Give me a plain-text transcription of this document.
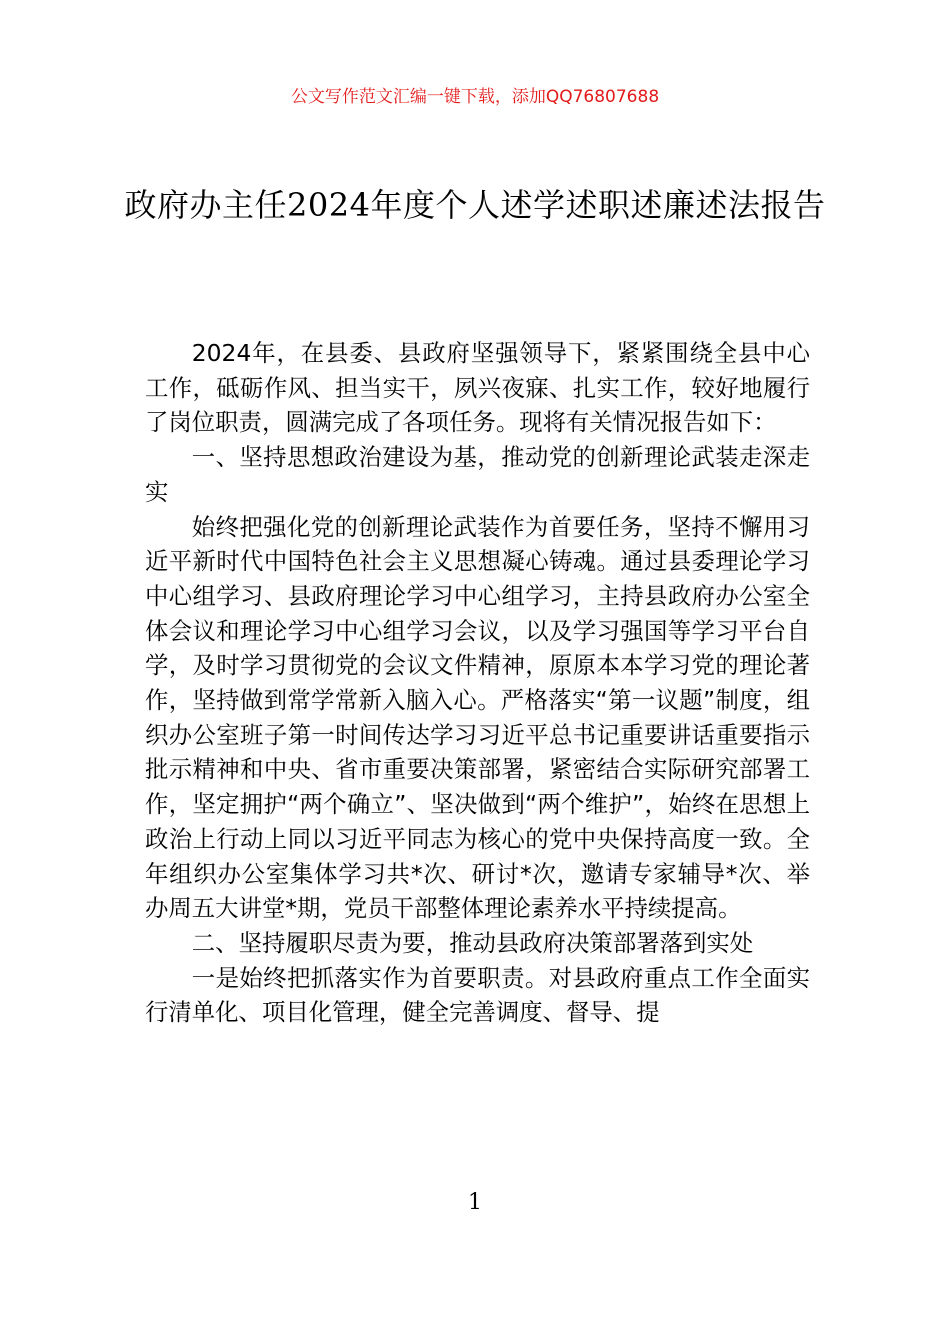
公文写作范文汇编一键下载，添加QQ76807688
政府办主任2024年度个人述学述职述廉述法报告

2024年，在县委、县政府坚强领导下，紧紧围绕全县中心工作，砥砺作风、担当实干，夙兴夜寐、扎实工作，较好地履行了岗位职责，圆满完成了各项任务。现将有关情况报告如下：

一、坚持思想政治建设为基，推动党的创新理论武装走深走实

始终把强化党的创新理论武装作为首要任务，坚持不懈用习近平新时代中国特色社会主义思想凝心铸魂。通过县委理论学习中心组学习、县政府理论学习中心组学习，主持县政府办公室全体会议和理论学习中心组学习会议，以及学习强国等学习平台自学，及时学习贯彻党的会议文件精神，原原本本学习党的理论著作，坚持做到常学常新入脑入心。严格落实“第一议题”制度，组织办公室班子第一时间传达学习习近平总书记重要讲话重要指示批示精神和中央、省市重要决策部署，紧密结合实际研究部署工作，坚定拥护“两个确立”、坚决做到“两个维护”，始终在思想上政治上行动上同以习近平同志为核心的党中央保持高度一致。全年组织办公室集体学习共*次、研讨*次，邀请专家辅导*次、举办周五大讲堂*期，党员干部整体理论素养水平持续提高。

二、坚持履职尽责为要，推动县政府决策部署落到实处

一是始终把抓落实作为首要职责。对县政府重点工作全面实行清单化、项目化管理，健全完善调度、督导、提

1
